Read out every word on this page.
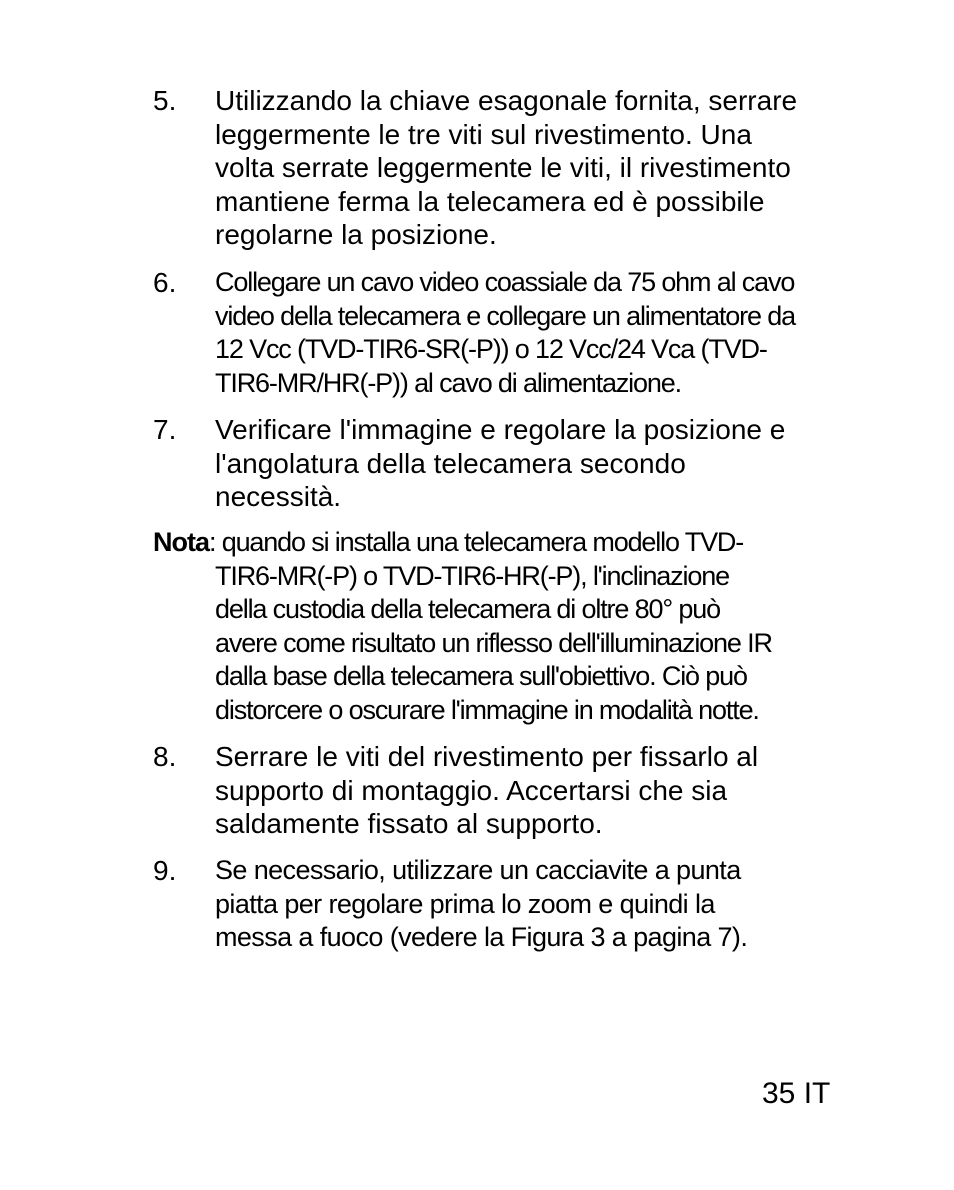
5. Utilizzando la chiave esagonale fornita, serrare
leggermente le tre viti sul rivestimento. Una
volta serrate leggermente le viti, il rivestimento
mantiene ferma la telecamera ed è possibile
regolarne la posizione.
6. Collegare un cavo video coassiale da 75 ohm al cavo
video della telecamera e collegare un alimentatore da
12 Vcc (TVD-TIR6-SR(-P)) o 12 Vcc/24 Vca (TVD-
TIR6-MR/HR(-P)) al cavo di alimentazione.
7. Verificare l'immagine e regolare la posizione e
l'angolatura della telecamera secondo
necessità.
Nota: quando si installa una telecamera modello TVD-
TIR6-MR(-P) o TVD-TIR6-HR(-P), l'inclinazione
della custodia della telecamera di oltre 80° può
avere come risultato un riflesso dell'illuminazione IR
dalla base della telecamera sull'obiettivo. Ciò può
distorcere o oscurare l'immagine in modalità notte.
8. Serrare le viti del rivestimento per fissarlo al
supporto di montaggio. Accertarsi che sia
saldamente fissato al supporto.
9. Se necessario, utilizzare un cacciavite a punta
piatta per regolare prima lo zoom e quindi la
messa a fuoco (vedere la Figura 3 a pagina 7).
35 IT
